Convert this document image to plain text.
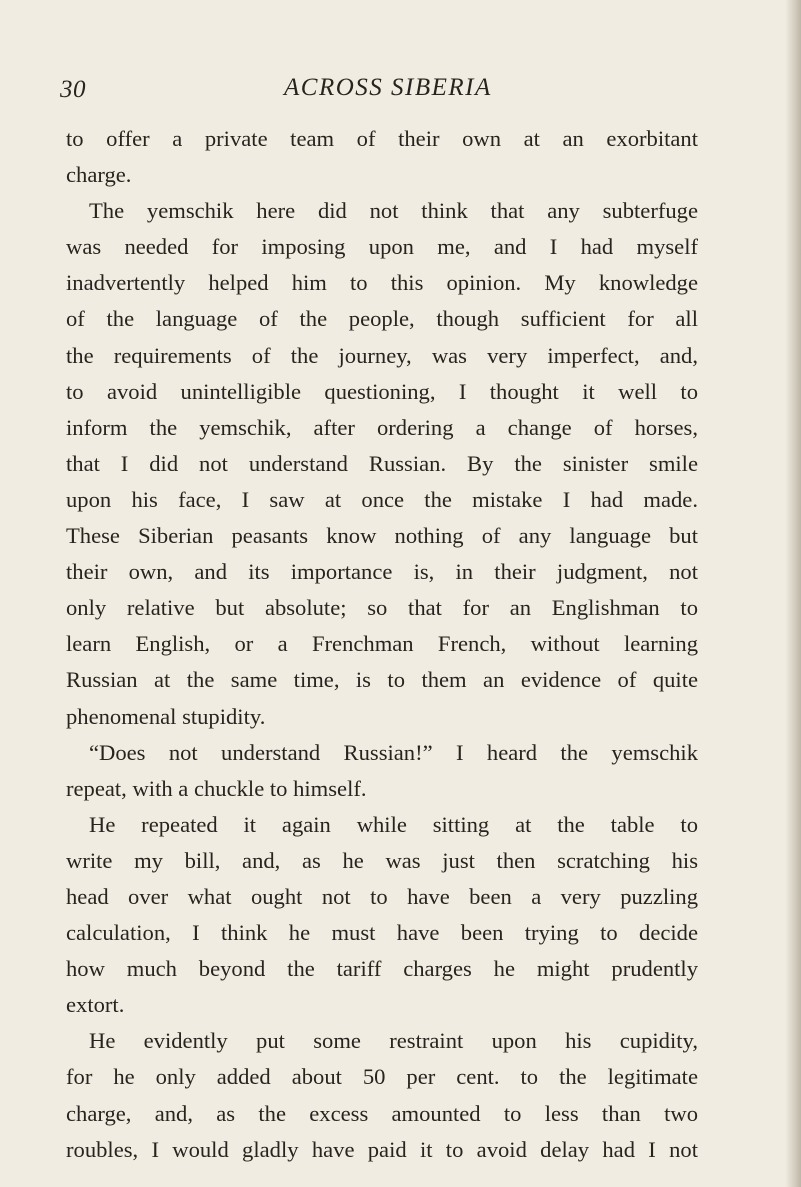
30	ACROSS SIBERIA
to offer a private team of their own at an exorbitant
charge.
The yemschik here did not think that any subterfuge
was needed for imposing upon me, and I had myself
inadvertently helped him to this opinion. My knowledge
of the language of the people, though sufficient for all
the requirements of the journey, was very imperfect, and,
to avoid unintelligible questioning, I thought it well to
inform the yemschik, after ordering a change of horses,
that I did not understand Russian. By the sinister smile
upon his face, I saw at once the mistake I had made.
These Siberian peasants know nothing of any language but
their own, and its importance is, in their judgment, not
only relative but absolute; so that for an Englishman to
learn English, or a Frenchman French, without learning
Russian at the same time, is to them an evidence of quite
phenomenal stupidity.
“Does not understand Russian!” I heard the yemschik
repeat, with a chuckle to himself.
He repeated it again while sitting at the table to
write my bill, and, as he was just then scratching his
head over what ought not to have been a very puzzling
calculation, I think he must have been trying to decide
how much beyond the tariff charges he might prudently
extort.
He evidently put some restraint upon his cupidity,
for he only added about 50 per cent. to the legitimate
charge, and, as the excess amounted to less than two
roubles, I would gladly have paid it to avoid delay had I not
